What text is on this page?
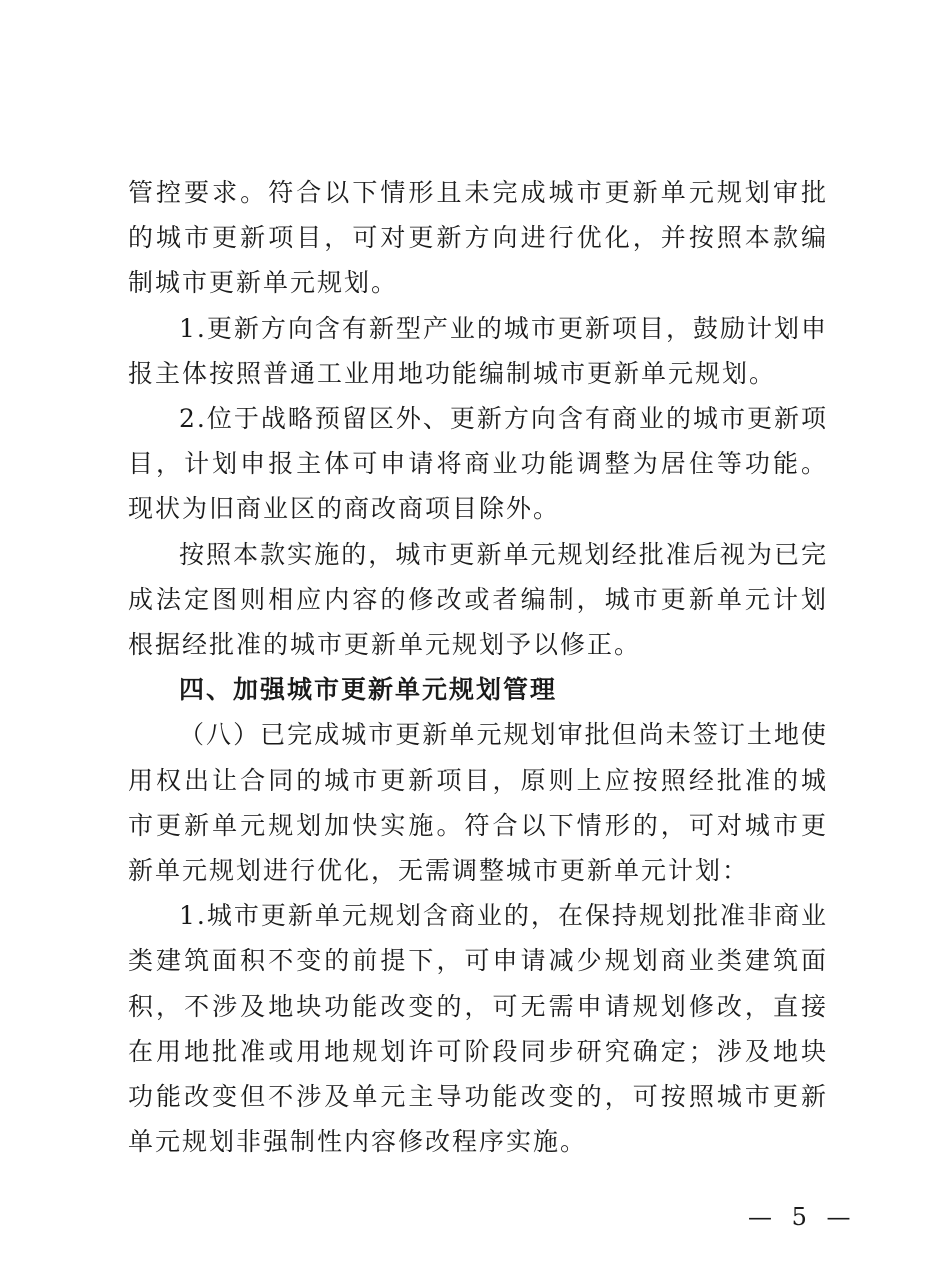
管控要求。符合以下情形且未完成城市更新单元规划审批的城市更新项目，可对更新方向进行优化，并按照本款编制城市更新单元规划。

1.更新方向含有新型产业的城市更新项目，鼓励计划申报主体按照普通工业用地功能编制城市更新单元规划。

2.位于战略预留区外、更新方向含有商业的城市更新项目，计划申报主体可申请将商业功能调整为居住等功能。现状为旧商业区的商改商项目除外。

按照本款实施的，城市更新单元规划经批准后视为已完成法定图则相应内容的修改或者编制，城市更新单元计划根据经批准的城市更新单元规划予以修正。

四、加强城市更新单元规划管理

（八）已完成城市更新单元规划审批但尚未签订土地使用权出让合同的城市更新项目，原则上应按照经批准的城市更新单元规划加快实施。符合以下情形的，可对城市更新单元规划进行优化，无需调整城市更新单元计划：

1.城市更新单元规划含商业的，在保持规划批准非商业类建筑面积不变的前提下，可申请减少规划商业类建筑面积，不涉及地块功能改变的，可无需申请规划修改，直接在用地批准或用地规划许可阶段同步研究确定；涉及地块功能改变但不涉及单元主导功能改变的，可按照城市更新单元规划非强制性内容修改程序实施。

— 5 —
